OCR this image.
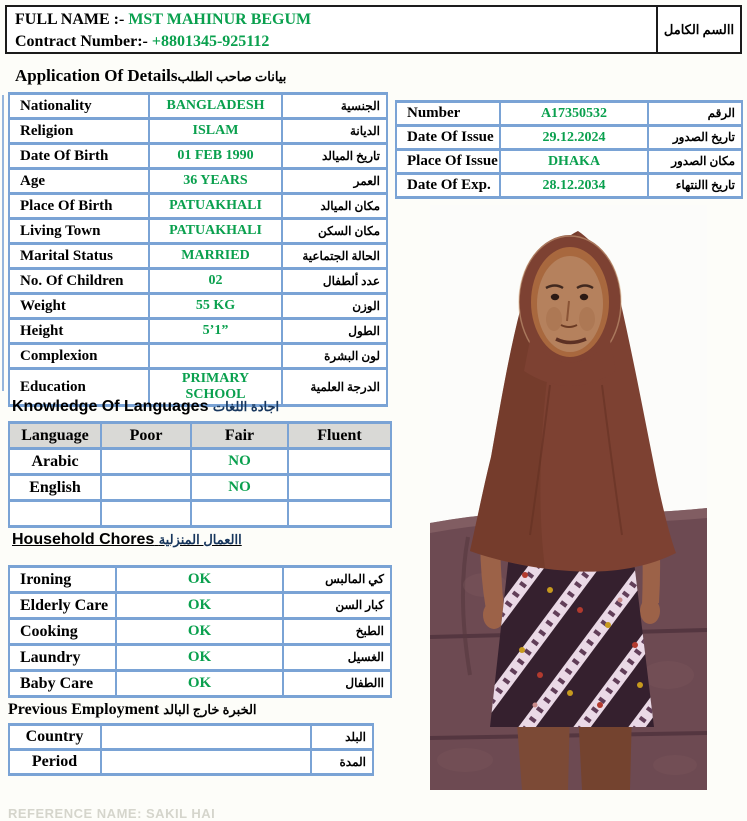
FULL NAME :- MST MAHINUR BEGUM
Contract Number:- +8801345-925112
االسم الكامل
Application Of Detailsبيانات صاحب الطلب
Nationality	BANGLADESH	الجنسية
Religion	ISLAM	الديانة
Date Of Birth	01 FEB 1990	تاريخ الميالد
Age	36 YEARS	العمر
Place Of Birth	PATUAKHALI	مكان الميالد
Living Town	PATUAKHALI	مكان السكن
Marital Status	MARRIED	الحالة الجتماعية
No. Of Children	02	عدد ألطفال
Weight	55 KG	الوزن
Height	5’1”	الطول
Complexion		لون البشرة
Education	PRIMARY SCHOOL	الدرجة العلمية
Number	A17350532	الرقم
Date Of Issue	29.12.2024	تاريخ الصدور
Place Of Issue	DHAKA	مكان الصدور
Date Of Exp.	28.12.2034	تاريخ االنتهاء
Knowledge Of Languages اجادة اللغات
Language	Poor	Fair	Fluent
Arabic		NO	
English		NO	

Household Chores االعمال المنزلية
Ironing	OK	كي المالبس
Elderly Care	OK	كبار السن
Cooking	OK	الطبخ
Laundry	OK	الغسيل
Baby Care	OK	االطفال
Previous Employment الخبرة خارج البالد
Country		البلد
Period		المدة
REFERENCE NAME: SAKIL HAI
